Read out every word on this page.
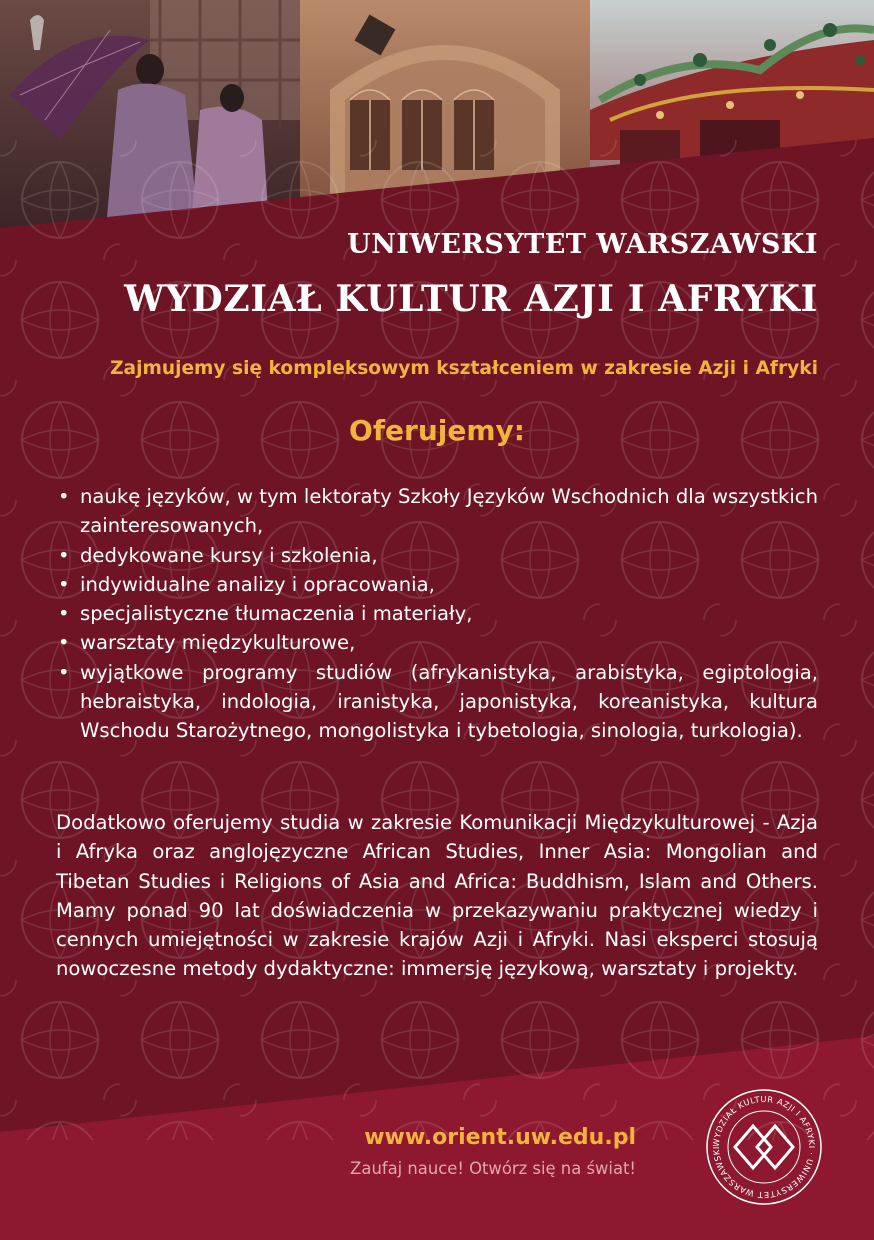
UNIWERSYTET WARSZAWSKI
WYDZIAŁ KULTUR AZJI I AFRYKI
Zajmujemy się kompleksowym kształceniem w zakresie Azji i Afryki
Oferujemy:
• naukę języków, w tym lektoraty Szkoły Języków Wschodnich dla wszystkich zainteresowanych,
• dedykowane kursy i szkolenia,
• indywidualne analizy i opracowania,
• specjalistyczne tłumaczenia i materiały,
• warsztaty międzykulturowe,
• wyjątkowe programy studiów (afrykanistyka, arabistyka, egiptologia, hebraistyka, indologia, iranistyka, japonistyka, koreanistyka, kultura Wschodu Starożytnego, mongolistyka i tybetologia, sinologia, turkologia).

Dodatkowo oferujemy studia w zakresie Komunikacji Międzykulturowej - Azja i Afryka oraz anglojęzyczne African Studies, Inner Asia: Mongolian and Tibetan Studies i Religions of Asia and Africa: Buddhism, Islam and Others. Mamy ponad 90 lat doświadczenia w przekazywaniu praktycznej wiedzy i cennych umiejętności w zakresie krajów Azji i Afryki. Nasi eksperci stosują nowoczesne metody dydaktyczne: immersję językową, warsztaty i projekty.

www.orient.uw.edu.pl
Zaufaj nauce! Otwórz się na świat!
WYDZIAŁ KULTUR AZJI I AFRYKI · UNIWERSYTET WARSZAWSKI
